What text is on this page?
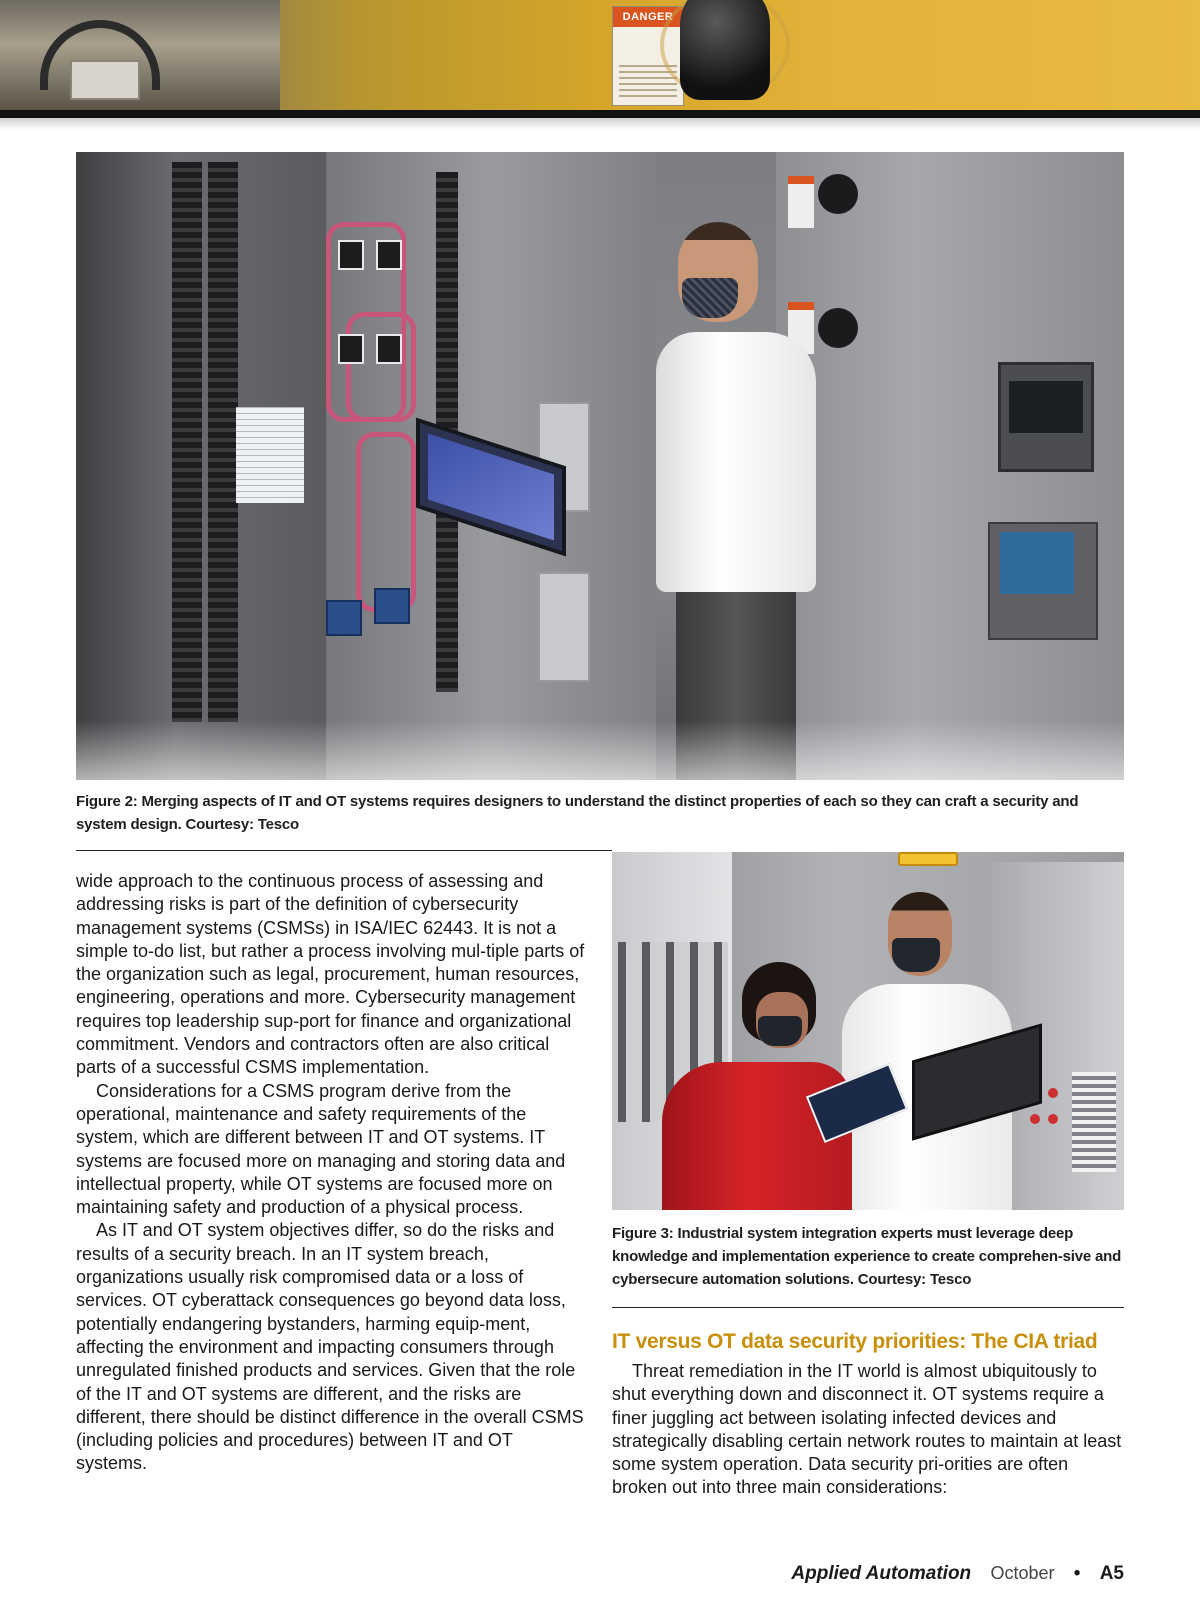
DANGER
Figure 2: Merging aspects of IT and OT systems requires designers to understand the distinct properties of each so they can craft a security and system design. Courtesy: Tesco

wide approach to the continuous process of assessing and addressing risks is part of the definition of cybersecurity management systems (CSMSs) in ISA/IEC 62443. It is not a simple to-do list, but rather a process involving mul-tiple parts of the organization such as legal, procurement, human resources, engineering, operations and more. Cybersecurity management requires top leadership sup-port for finance and organizational commitment. Vendors and contractors often are also critical parts of a successful CSMS implementation.

Considerations for a CSMS program derive from the operational, maintenance and safety requirements of the system, which are different between IT and OT systems. IT systems are focused more on managing and storing data and intellectual property, while OT systems are focused more on maintaining safety and production of a physical process.

As IT and OT system objectives differ, so do the risks and results of a security breach. In an IT system breach, organizations usually risk compromised data or a loss of services. OT cyberattack consequences go beyond data loss, potentially endangering bystanders, harming equip-ment, affecting the environment and impacting consumers through unregulated finished products and services. Given that the role of the IT and OT systems are different, and the risks are different, there should be distinct difference in the overall CSMS (including policies and procedures) between IT and OT systems.

Figure 3: Industrial system integration experts must leverage deep knowledge and implementation experience to create comprehen-sive and cybersecure automation solutions. Courtesy: Tesco
IT versus OT data security priorities: The CIA triad

Threat remediation in the IT world is almost ubiquitously to shut everything down and disconnect it. OT systems require a finer juggling act between isolating infected devices and strategically disabling certain network routes to maintain at least some system operation. Data security pri-orities are often broken out into three main considerations:

Applied Automation October • A5
